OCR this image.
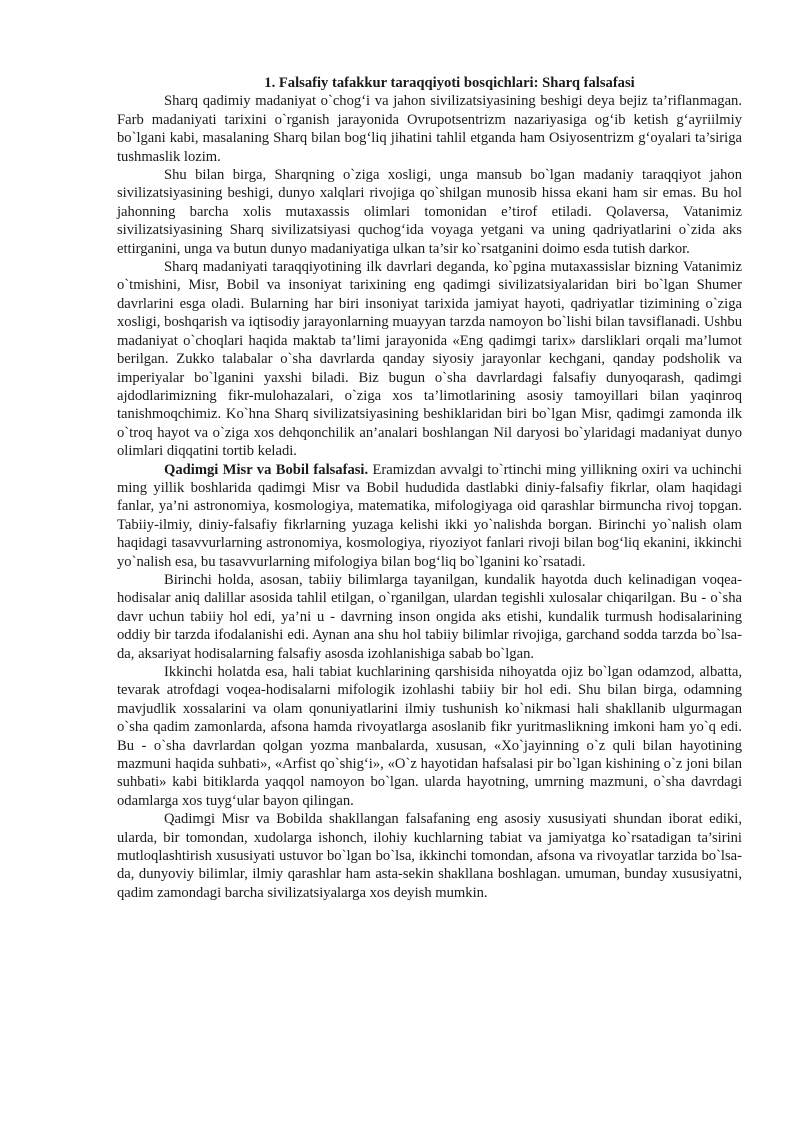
1. Falsafiy tafakkur taraqqiyoti bosqichlari: Sharq falsafasi

Sharq qadimiy madaniyat o`chog‘i va jahon sivilizatsiyasining beshigi deya bejiz ta’riflanmagan. Farb madaniyati tarixini o`rganish jarayonida Ovrupotsentrizm nazariyasiga og‘ib ketish g‘ayriilmiy bo`lgani kabi, masalaning Sharq bilan bog‘liq jihatini tahlil etganda ham Osiyosentrizm g‘oyalari ta’siriga tushmaslik lozim.

Shu bilan birga, Sharqning o`ziga xosligi, unga mansub bo`lgan madaniy taraqqiyot jahon sivilizatsiyasining beshigi, dunyo xalqlari rivojiga qo`shilgan munosib hissa ekani ham sir emas. Bu hol jahonning barcha xolis mutaxassis olimlari tomonidan e’tirof etiladi. Qolaversa, Vatanimiz sivilizatsiyasining Sharq sivilizatsiyasi quchog‘ida voyaga yetgani va uning qadriyatlarini o`zida aks ettirganini, unga va butun dunyo madaniyatiga ulkan ta’sir ko`rsatganini doimo esda tutish darkor.

Sharq madaniyati taraqqiyotining ilk davrlari deganda, ko`pgina mutaxassislar bizning Vatanimiz o`tmishini, Misr, Bobil va insoniyat tarixining eng qadimgi sivilizatsiyalaridan biri bo`lgan Shumer davrlarini esga oladi. Bularning har biri insoniyat tarixida jamiyat hayoti, qadriyatlar tizimining o`ziga xosligi, boshqarish va iqtisodiy jarayonlarning muayyan tarzda namoyon bo`lishi bilan tavsiflanadi. Ushbu madaniyat o`choqlari haqida maktab ta’limi jarayonida «Eng qadimgi tarix» darsliklari orqali ma’lumot berilgan. Zukko talabalar o`sha davrlarda qanday siyosiy jarayonlar kechgani, qanday podsholik va imperiyalar bo`lganini yaxshi biladi. Biz bugun o`sha davrlardagi falsafiy dunyoqarash, qadimgi ajdodlarimizning fikr-mulohazalari, o`ziga xos ta’limotlarining asosiy tamoyillari bilan yaqinroq tanishmoqchimiz. Ko`hna Sharq sivilizatsiyasining beshiklaridan biri bo`lgan Misr, qadimgi zamonda ilk o`troq hayot va o`ziga xos dehqonchilik an’analari boshlangan Nil daryosi bo`ylaridagi madaniyat dunyo olimlari diqqatini tortib keladi.

Qadimgi Misr va Bobil falsafasi. Eramizdan avvalgi to`rtinchi ming yillikning oxiri va uchinchi ming yillik boshlarida qadimgi Misr va Bobil hududida dastlabki diniy-falsafiy fikrlar, olam haqidagi fanlar, ya’ni astronomiya, kosmologiya, matematika, mifologiyaga oid qarashlar birmuncha rivoj topgan. Tabiiy-ilmiy, diniy-falsafiy fikrlarning yuzaga kelishi ikki yo`nalishda borgan. Birinchi yo`nalish olam haqidagi tasavvurlarning astronomiya, kosmologiya, riyoziyot fanlari rivoji bilan bog‘liq ekanini, ikkinchi yo`nalish esa, bu tasavvurlarning mifologiya bilan bog‘liq bo`lganini ko`rsatadi.

Birinchi holda, asosan, tabiiy bilimlarga tayanilgan, kundalik hayotda duch kelinadigan voqea-hodisalar aniq dalillar asosida tahlil etilgan, o`rganilgan, ulardan tegishli xulosalar chiqarilgan. Bu - o`sha davr uchun tabiiy hol edi, ya’ni u - davrning inson ongida aks etishi, kundalik turmush hodisalarining oddiy bir tarzda ifodalanishi edi. Aynan ana shu hol tabiiy bilimlar rivojiga, garchand sodda tarzda bo`lsa-da, aksariyat hodisalarning falsafiy asosda izohlanishiga sabab bo`lgan.

Ikkinchi holatda esa, hali tabiat kuchlarining qarshisida nihoyatda ojiz bo`lgan odamzod, albatta, tevarak atrofdagi voqea-hodisalarni mifologik izohlashi tabiiy bir hol edi. Shu bilan birga, odamning mavjudlik xossalarini va olam qonuniyatlarini ilmiy tushunish ko`nikmasi hali shakllanib ulgurmagan o`sha qadim zamonlarda, afsona hamda rivoyatlarga asoslanib fikr yuritmaslikning imkoni ham yo`q edi. Bu - o`sha davrlardan qolgan yozma manbalarda, xususan, «Xo`jayinning o`z quli bilan hayotining mazmuni haqida suhbati», «Arfist qo`shig‘i», «O`z hayotidan hafsalasi pir bo`lgan kishining o`z joni bilan suhbati» kabi bitiklarda yaqqol namoyon bo`lgan. ularda hayotning, umrning mazmuni, o`sha davrdagi odamlarga xos tuyg‘ular bayon qilingan.

Qadimgi Misr va Bobilda shakllangan falsafaning eng asosiy xususiyati shundan iborat ediki, ularda, bir tomondan, xudolarga ishonch, ilohiy kuchlarning tabiat va jamiyatga ko`rsatadigan ta’sirini mutloqlashtirish xususiyati ustuvor bo`lgan bo`lsa, ikkinchi tomondan, afsona va rivoyatlar tarzida bo`lsa-da, dunyoviy bilimlar, ilmiy qarashlar ham asta-sekin shakllana boshlagan. umuman, bunday xususiyatni, qadim zamondagi barcha sivilizatsiyalarga xos deyish mumkin.
